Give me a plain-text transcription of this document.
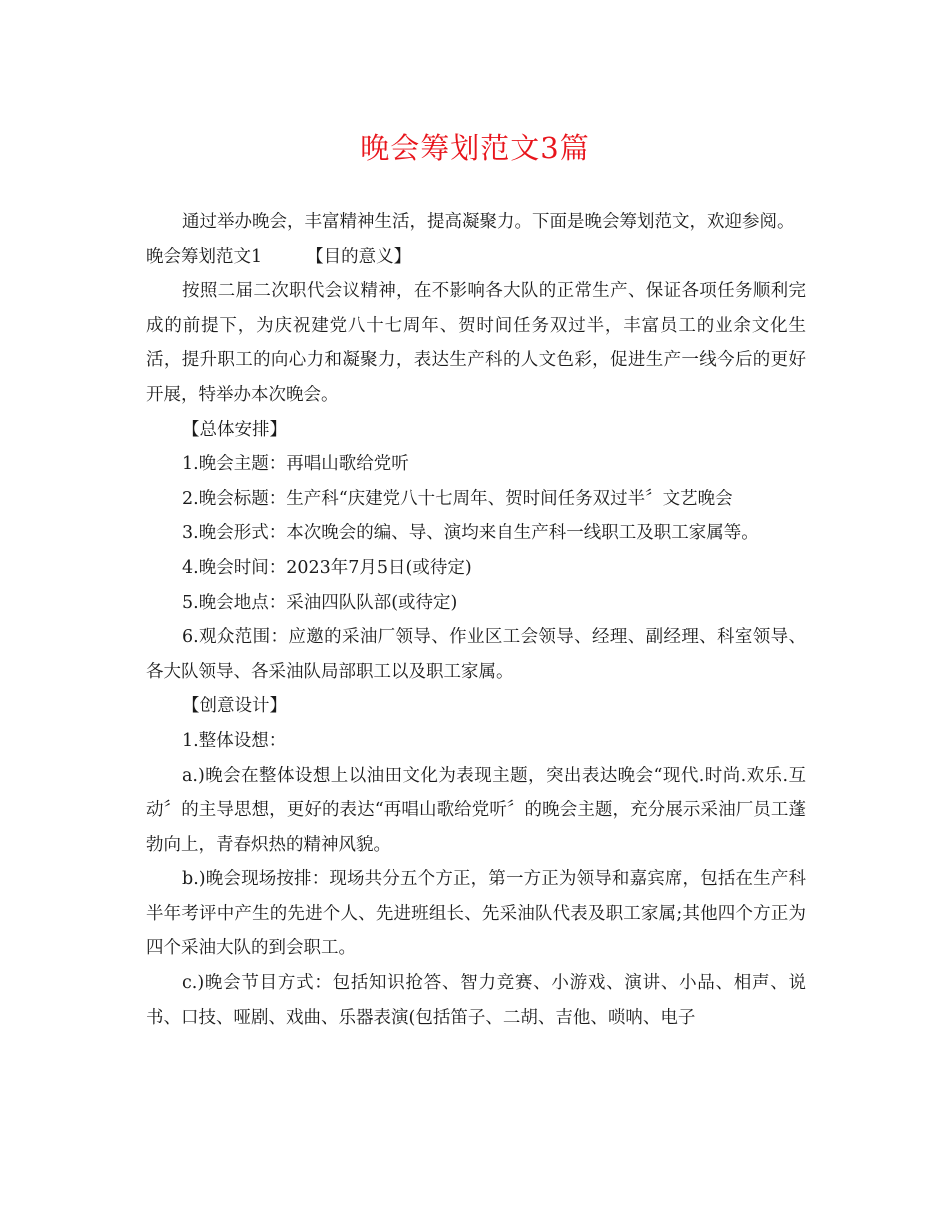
晚会筹划范文3篇

通过举办晚会，丰富精神生活，提高凝聚力。下面是晚会筹划范文，欢迎参阅。

晚会筹划范文1	【目的意义】

按照二届二次职代会议精神，在不影响各大队的正常生产、保证各项任务顺利完成的前提下，为庆祝建党八十七周年、贺时间任务双过半，丰富员工的业余文化生活，提升职工的向心力和凝聚力，表达生产科的人文色彩，促进生产一线今后的更好开展，特举办本次晚会。

【总体安排】

1.晚会主题：再唱山歌给党听

2.晚会标题：生产科“庆建党八十七周年、贺时间任务双过半〞文艺晚会

3.晚会形式：本次晚会的编、导、演均来自生产科一线职工及职工家属等。

4.晚会时间：2023年7月5日(或待定)

5.晚会地点：采油四队队部(或待定)

6.观众范围：应邀的采油厂领导、作业区工会领导、经理、副经理、科室领导、各大队领导、各采油队局部职工以及职工家属。

【创意设计】

1.整体设想：

a.)晚会在整体设想上以油田文化为表现主题，突出表达晚会“现代.时尚.欢乐.互动〞的主导思想，更好的表达“再唱山歌给党听〞的晚会主题，充分展示采油厂员工蓬勃向上，青春炽热的精神风貌。

b.)晚会现场按排：现场共分五个方正，第一方正为领导和嘉宾席，包括在生产科半年考评中产生的先进个人、先进班组长、先采油队代表及职工家属;其他四个方正为四个采油大队的到会职工。

c.)晚会节目方式：包括知识抢答、智力竞赛、小游戏、演讲、小品、相声、说书、口技、哑剧、戏曲、乐器表演(包括笛子、二胡、吉他、唢呐、电子
